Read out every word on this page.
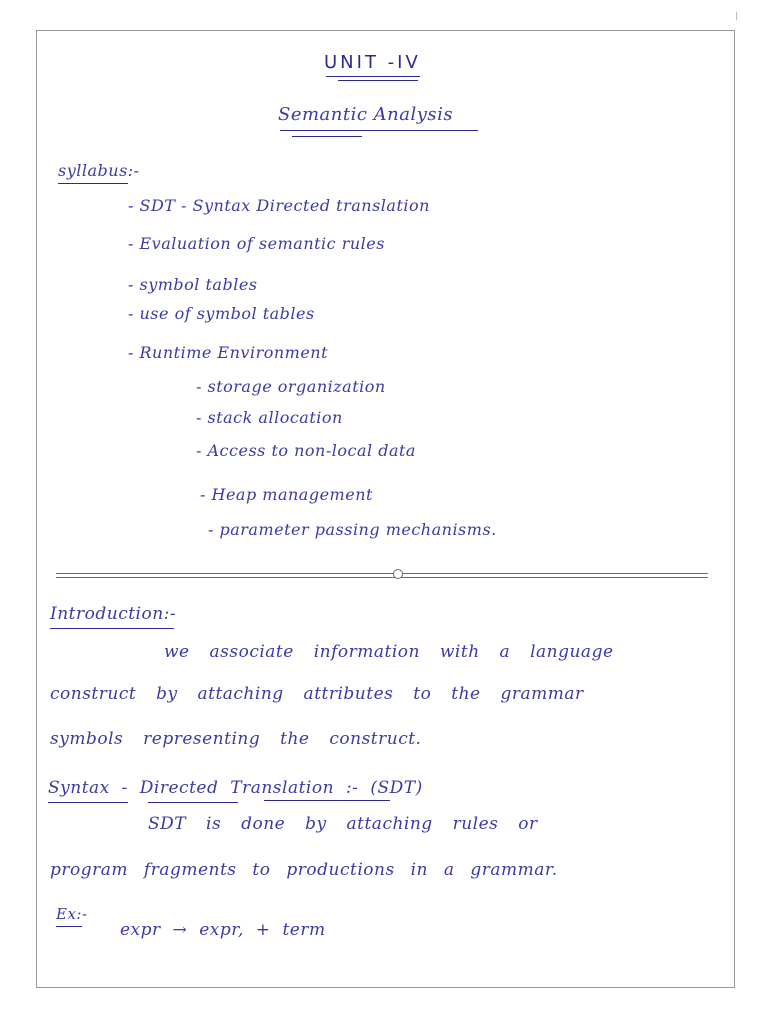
UNIT -IV
Semantic Analysis
syllabus:-
- SDT - Syntax Directed translation
- Evaluation of semantic rules
- symbol tables
- use of symbol tables
- Runtime Environment
- storage organization
- stack allocation
- Access to non-local data
- Heap management
- parameter passing mechanisms.
Introduction:-
we associate information with a language
construct by attaching attributes to the grammar
symbols representing the construct.
Syntax - Directed Translation :- (SDT)
SDT is done by attaching rules or
program fragments to productions in a grammar.
Ex:-
expr → expr, + term
